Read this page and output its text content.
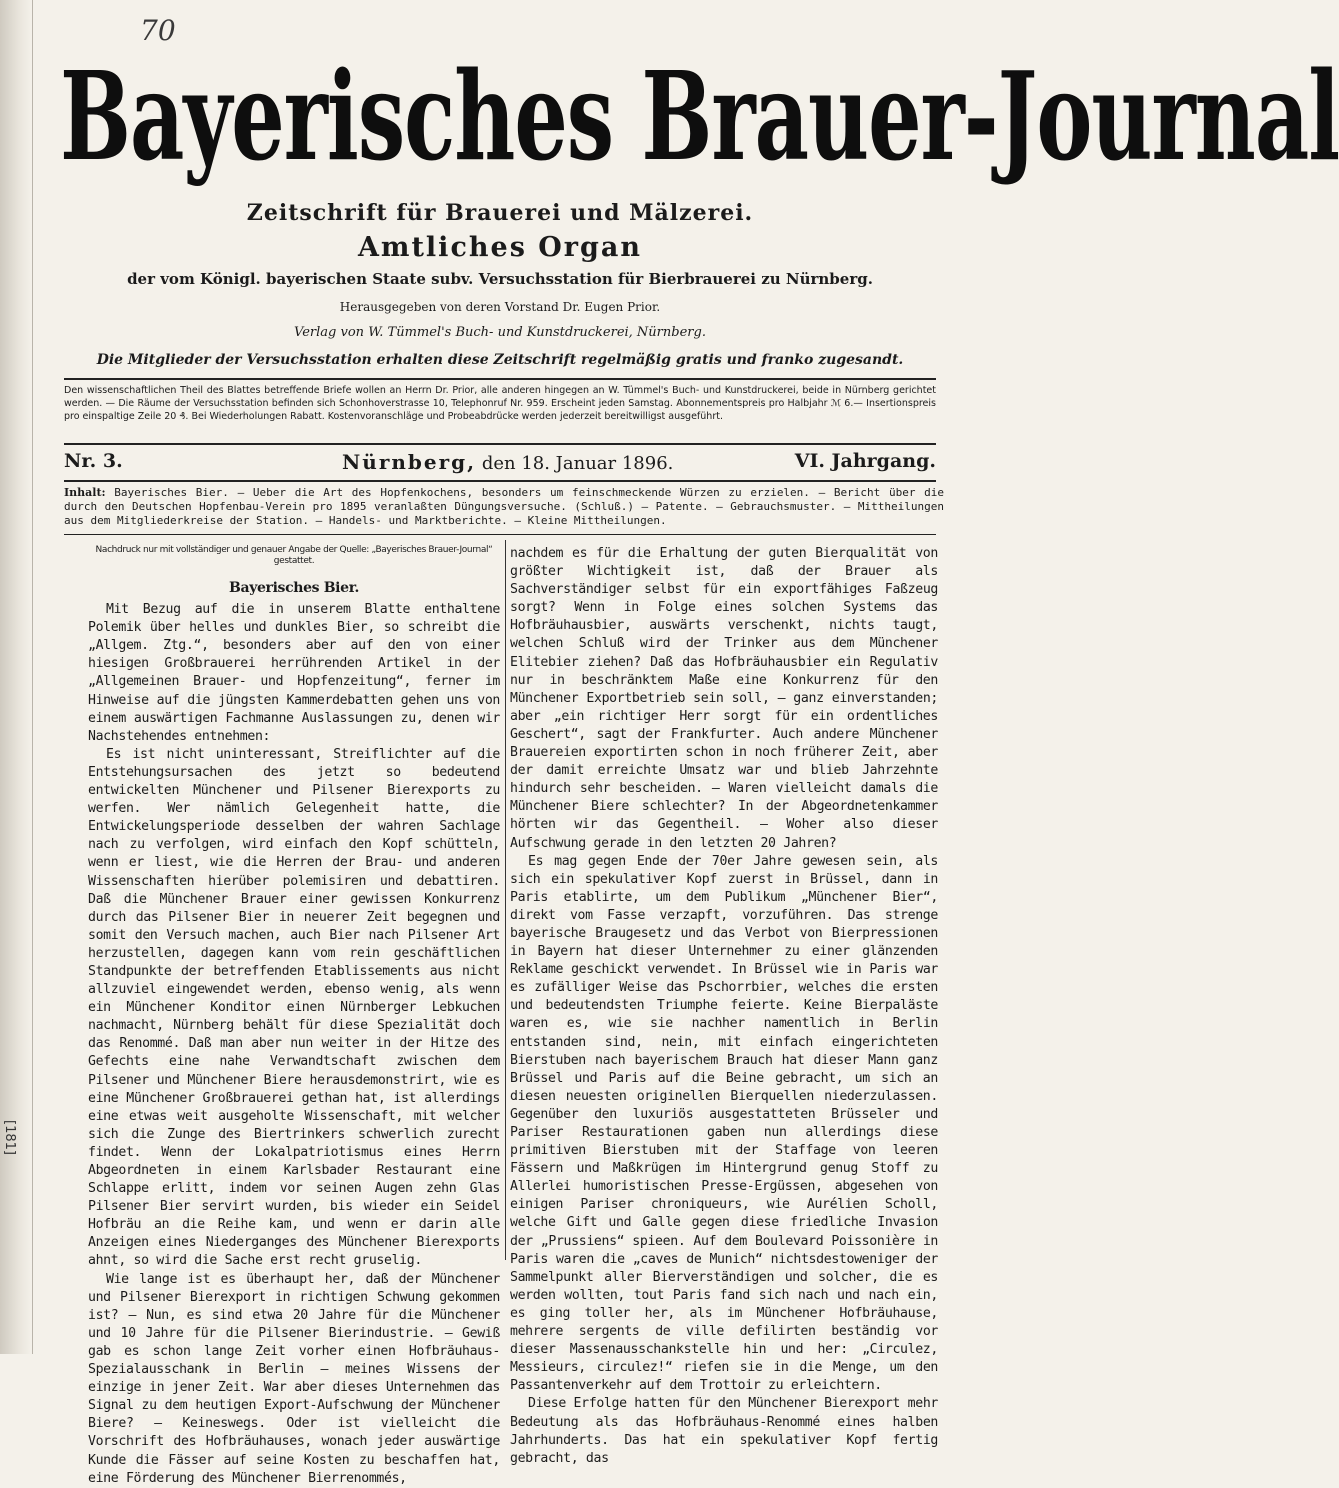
70
[181]
Bayerisches Brauer-Journal
Zeitschrift für Brauerei und Mälzerei.
Amtliches Organ
der vom Königl. bayerischen Staate subv. Versuchsstation für Bierbrauerei zu Nürnberg.
Herausgegeben von deren Vorstand Dr. Eugen Prior.
Verlag von W. Tümmel's Buch- und Kunstdruckerei, Nürnberg.
Die Mitglieder der Versuchsstation erhalten diese Zeitschrift regelmäßig gratis und franko zugesandt.
Den wissenschaftlichen Theil des Blattes betreffende Briefe wollen an Herrn Dr. Prior, alle anderen hingegen an W. Tümmel's Buch- und Kunstdruckerei, beide in Nürnberg gerichtet werden. — Die Räume der Versuchsstation befinden sich Schonhoverstrasse 10, Telephonruf Nr. 959. Erscheint jeden Samstag. Abonnementspreis pro Halbjahr ℳ 6.— Insertionspreis pro einspaltige Zeile 20 ₰. Bei Wiederholungen Rabatt. Kostenvoranschläge und Probeabdrücke werden jederzeit bereitwilligst ausgeführt.
Nr. 3.	Nürnberg, den 18. Januar 1896.	VI. Jahrgang.
Inhalt: Bayerisches Bier. — Ueber die Art des Hopfenkochens, besonders um feinschmeckende Würzen zu erzielen. — Bericht über die durch den Deutschen Hopfenbau-Verein pro 1895 veranlaßten Düngungsversuche. (Schluß.) — Patente. — Gebrauchsmuster. — Mittheilungen aus dem Mitgliederkreise der Station. — Handels- und Marktberichte. — Kleine Mittheilungen.
Nachdruck nur mit vollständiger und genauer Angabe der Quelle: „Bayerisches Brauer-Journal“ gestattet.
Bayerisches Bier.

Mit Bezug auf die in unserem Blatte enthaltene Polemik über helles und dunkles Bier, so schreibt die „Allgem. Ztg.“, besonders aber auf den von einer hiesigen Großbrauerei herrührenden Artikel in der „Allgemeinen Brauer- und Hopfenzeitung“, ferner im Hinweise auf die jüngsten Kammerdebatten gehen uns von einem auswärtigen Fachmanne Auslassungen zu, denen wir Nachstehendes entnehmen:

Es ist nicht uninteressant, Streiflichter auf die Entstehungsursachen des jetzt so bedeutend entwickelten Münchener und Pilsener Bierexports zu werfen. Wer nämlich Gelegenheit hatte, die Entwickelungsperiode desselben der wahren Sachlage nach zu verfolgen, wird einfach den Kopf schütteln, wenn er liest, wie die Herren der Brau- und anderen Wissenschaften hierüber polemisiren und debattiren. Daß die Münchener Brauer einer gewissen Konkurrenz durch das Pilsener Bier in neuerer Zeit begegnen und somit den Versuch machen, auch Bier nach Pilsener Art herzustellen, dagegen kann vom rein geschäftlichen Standpunkte der betreffenden Etablissements aus nicht allzuviel eingewendet werden, ebenso wenig, als wenn ein Münchener Konditor einen Nürnberger Lebkuchen nachmacht, Nürnberg behält für diese Spezialität doch das Renommé. Daß man aber nun weiter in der Hitze des Gefechts eine nahe Verwandtschaft zwischen dem Pilsener und Münchener Biere herausdemonstrirt, wie es eine Münchener Großbrauerei gethan hat, ist allerdings eine etwas weit ausgeholte Wissenschaft, mit welcher sich die Zunge des Biertrinkers schwerlich zurecht findet. Wenn der Lokalpatriotismus eines Herrn Abgeordneten in einem Karlsbader Restaurant eine Schlappe erlitt, indem vor seinen Augen zehn Glas Pilsener Bier servirt wurden, bis wieder ein Seidel Hofbräu an die Reihe kam, und wenn er darin alle Anzeigen eines Niederganges des Münchener Bierexports ahnt, so wird die Sache erst recht gruselig.

Wie lange ist es überhaupt her, daß der Münchener und Pilsener Bierexport in richtigen Schwung gekommen ist? — Nun, es sind etwa 20 Jahre für die Münchener und 10 Jahre für die Pilsener Bierindustrie. — Gewiß gab es schon lange Zeit vorher einen Hofbräuhaus-Spezialausschank in Berlin — meines Wissens der einzige in jener Zeit. War aber dieses Unternehmen das Signal zu dem heutigen Export-Aufschwung der Münchener Biere? — Keineswegs. Oder ist vielleicht die Vorschrift des Hofbräuhauses, wonach jeder auswärtige Kunde die Fässer auf seine Kosten zu beschaffen hat, eine Förderung des Münchener Bierrenommés,

nachdem es für die Erhaltung der guten Bierqualität von größter Wichtigkeit ist, daß der Brauer als Sachverständiger selbst für ein exportfähiges Faßzeug sorgt? Wenn in Folge eines solchen Systems das Hofbräuhausbier, auswärts verschenkt, nichts taugt, welchen Schluß wird der Trinker aus dem Münchener Elitebier ziehen? Daß das Hofbräuhausbier ein Regulativ nur in beschränktem Maße eine Konkurrenz für den Münchener Exportbetrieb sein soll, — ganz einverstanden; aber „ein richtiger Herr sorgt für ein ordentliches Geschert“, sagt der Frankfurter. Auch andere Münchener Brauereien exportirten schon in noch früherer Zeit, aber der damit erreichte Umsatz war und blieb Jahrzehnte hindurch sehr bescheiden. — Waren vielleicht damals die Münchener Biere schlechter? In der Abgeordnetenkammer hörten wir das Gegentheil. — Woher also dieser Aufschwung gerade in den letzten 20 Jahren?

Es mag gegen Ende der 70er Jahre gewesen sein, als sich ein spekulativer Kopf zuerst in Brüssel, dann in Paris etablirte, um dem Publikum „Münchener Bier“, direkt vom Fasse verzapft, vorzuführen. Das strenge bayerische Braugesetz und das Verbot von Bierpressionen in Bayern hat dieser Unternehmer zu einer glänzenden Reklame geschickt verwendet. In Brüssel wie in Paris war es zufälliger Weise das Pschorrbier, welches die ersten und bedeutendsten Triumphe feierte. Keine Bierpaläste waren es, wie sie nachher namentlich in Berlin entstanden sind, nein, mit einfach eingerichteten Bierstuben nach bayerischem Brauch hat dieser Mann ganz Brüssel und Paris auf die Beine gebracht, um sich an diesen neuesten originellen Bierquellen niederzulassen. Gegenüber den luxuriös ausgestatteten Brüsseler und Pariser Restaurationen gaben nun allerdings diese primitiven Bierstuben mit der Staffage von leeren Fässern und Maßkrügen im Hintergrund genug Stoff zu Allerlei humoristischen Presse-Ergüssen, abgesehen von einigen Pariser chroniqueurs, wie Aurélien Scholl, welche Gift und Galle gegen diese friedliche Invasion der „Prussiens“ spieen. Auf dem Boulevard Poissonière in Paris waren die „caves de Munich“ nichtsdestoweniger der Sammelpunkt aller Bierverständigen und solcher, die es werden wollten, tout Paris fand sich nach und nach ein, es ging toller her, als im Münchener Hofbräuhause, mehrere sergents de ville defilirten beständig vor dieser Massenausschankstelle hin und her: „Circulez, Messieurs, circulez!“ riefen sie in die Menge, um den Passantenverkehr auf dem Trottoir zu erleichtern.

Diese Erfolge hatten für den Münchener Bierexport mehr Bedeutung als das Hofbräuhaus-Renommé eines halben Jahrhunderts. Das hat ein spekulativer Kopf fertig gebracht, das
